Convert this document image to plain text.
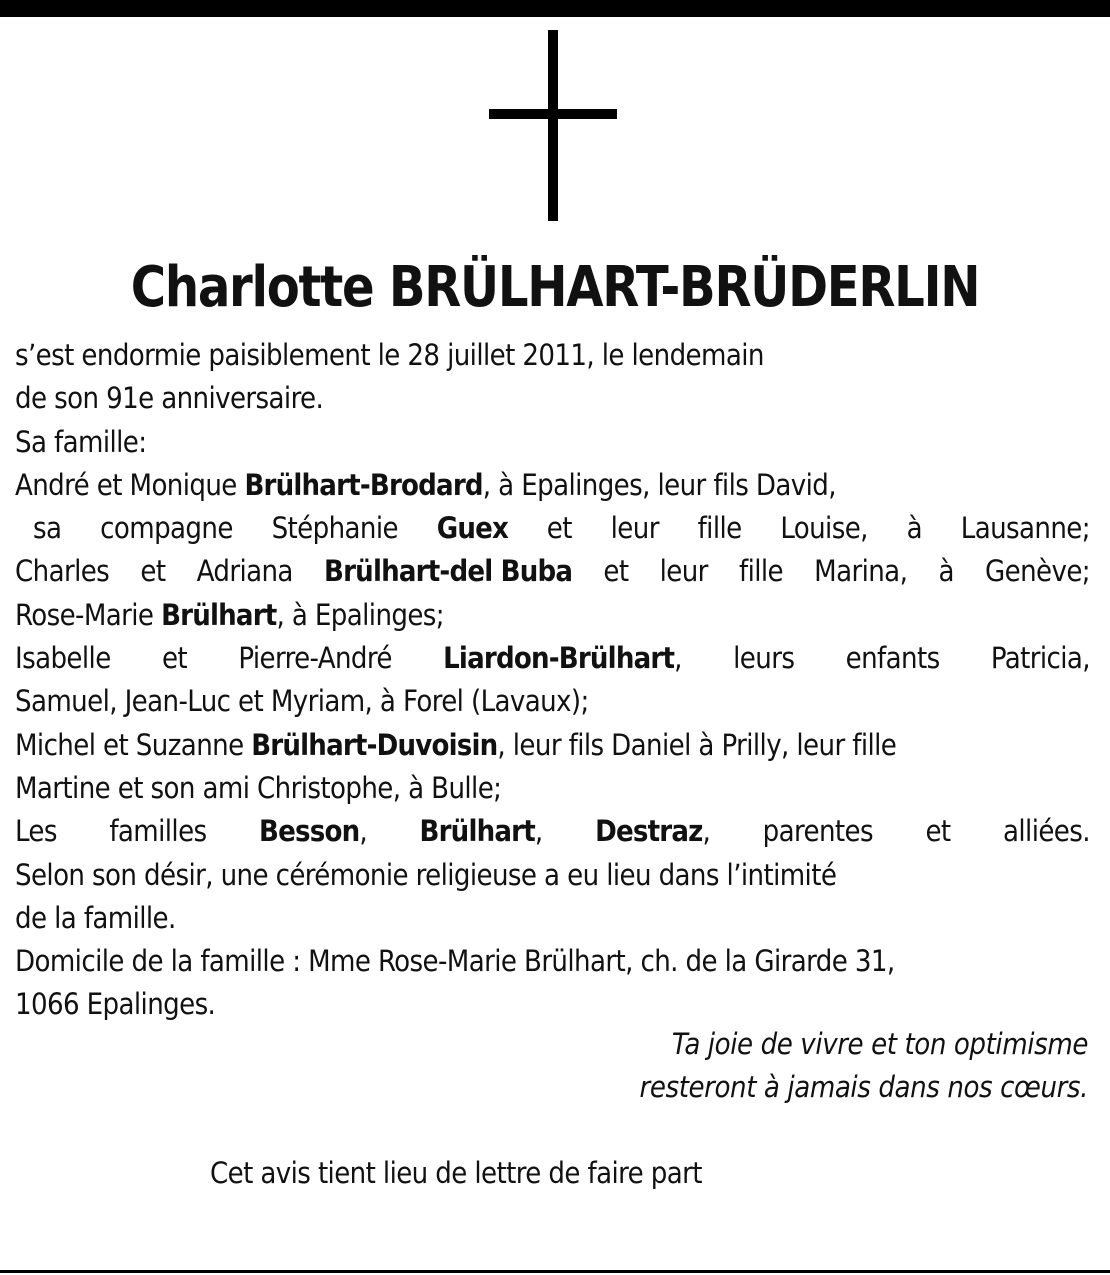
Charlotte BRÜLHART-BRÜDERLIN
s’est endormie paisiblement le 28 juillet 2011, le lendemain
de son 91e anniversaire.
Sa famille:
André et Monique Brülhart-Brodard, à Epalinges, leur fils David,
sa compagne Stéphanie Guex et leur fille Louise, à Lausanne;
Charles et Adriana Brülhart-del Buba et leur fille Marina, à Genève;
Rose-Marie Brülhart, à Epalinges;
Isabelle et Pierre-André Liardon-Brülhart, leurs enfants Patricia,
Samuel, Jean-Luc et Myriam, à Forel (Lavaux);
Michel et Suzanne Brülhart-Duvoisin, leur fils Daniel à Prilly, leur fille
Martine et son ami Christophe, à Bulle;
Les familles Besson, Brülhart, Destraz, parentes et alliées.
Selon son désir, une cérémonie religieuse a eu lieu dans l’intimité
de la famille.
Domicile de la famille : Mme Rose-Marie Brülhart, ch. de la Girarde 31,
1066 Epalinges.
Ta joie de vivre et ton optimisme
resteront à jamais dans nos cœurs.
Cet avis tient lieu de lettre de faire part
